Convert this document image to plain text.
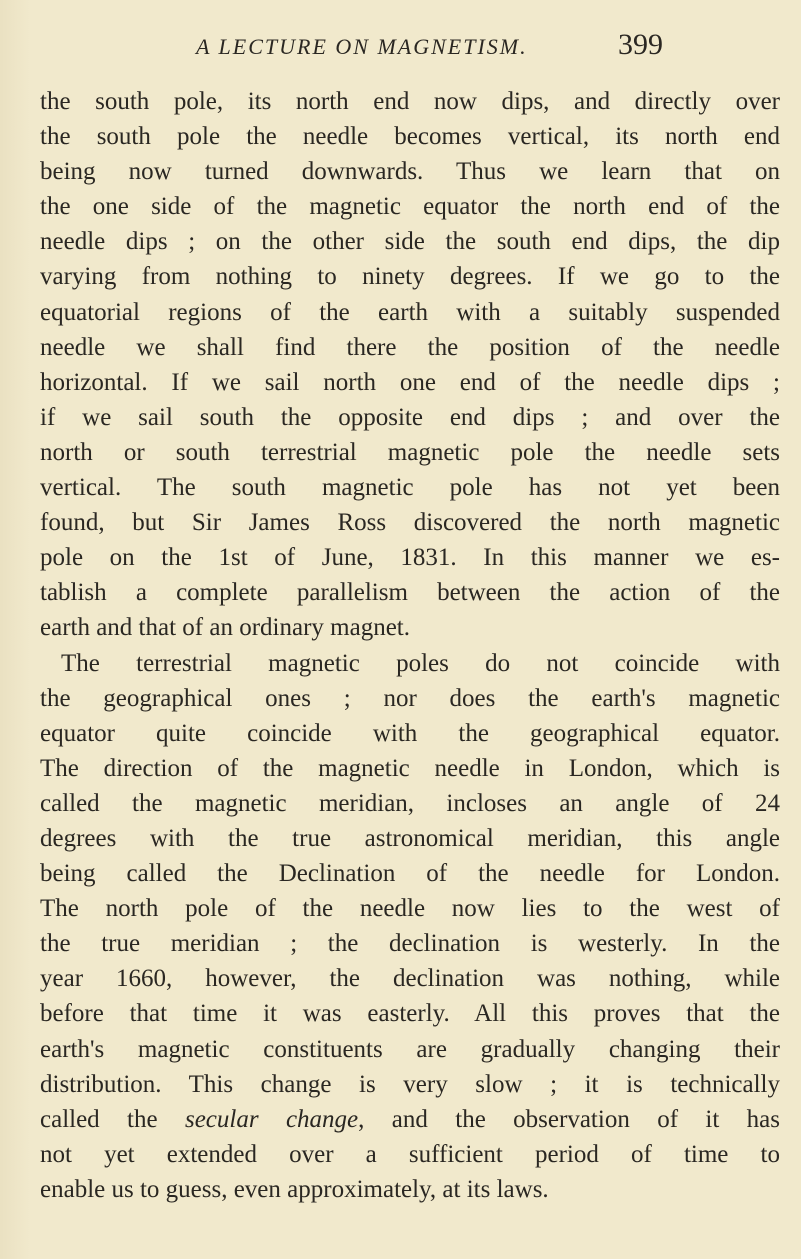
A LECTURE ON MAGNETISM.	399
the south pole, its north end now dips, and directly over
the south pole the needle becomes vertical, its north end
being now turned downwards. Thus we learn that on
the one side of the magnetic equator the north end of the
needle dips ; on the other side the south end dips, the dip
varying from nothing to ninety degrees. If we go to the
equatorial regions of the earth with a suitably suspended
needle we shall find there the position of the needle
horizontal. If we sail north one end of the needle dips ;
if we sail south the opposite end dips ; and over the
north or south terrestrial magnetic pole the needle sets
vertical. The south magnetic pole has not yet been
found, but Sir James Ross discovered the north magnetic
pole on the 1st of June, 1831. In this manner we es-
tablish a complete parallelism between the action of the
earth and that of an ordinary magnet.
The terrestrial magnetic poles do not coincide with
the geographical ones ; nor does the earth's magnetic
equator quite coincide with the geographical equator.
The direction of the magnetic needle in London, which is
called the magnetic meridian, incloses an angle of 24
degrees with the true astronomical meridian, this angle
being called the Declination of the needle for London.
The north pole of the needle now lies to the west of
the true meridian ; the declination is westerly. In the
year 1660, however, the declination was nothing, while
before that time it was easterly. All this proves that the
earth's magnetic constituents are gradually changing their
distribution. This change is very slow ; it is technically
called the secular change, and the observation of it has
not yet extended over a sufficient period of time to
enable us to guess, even approximately, at its laws.
